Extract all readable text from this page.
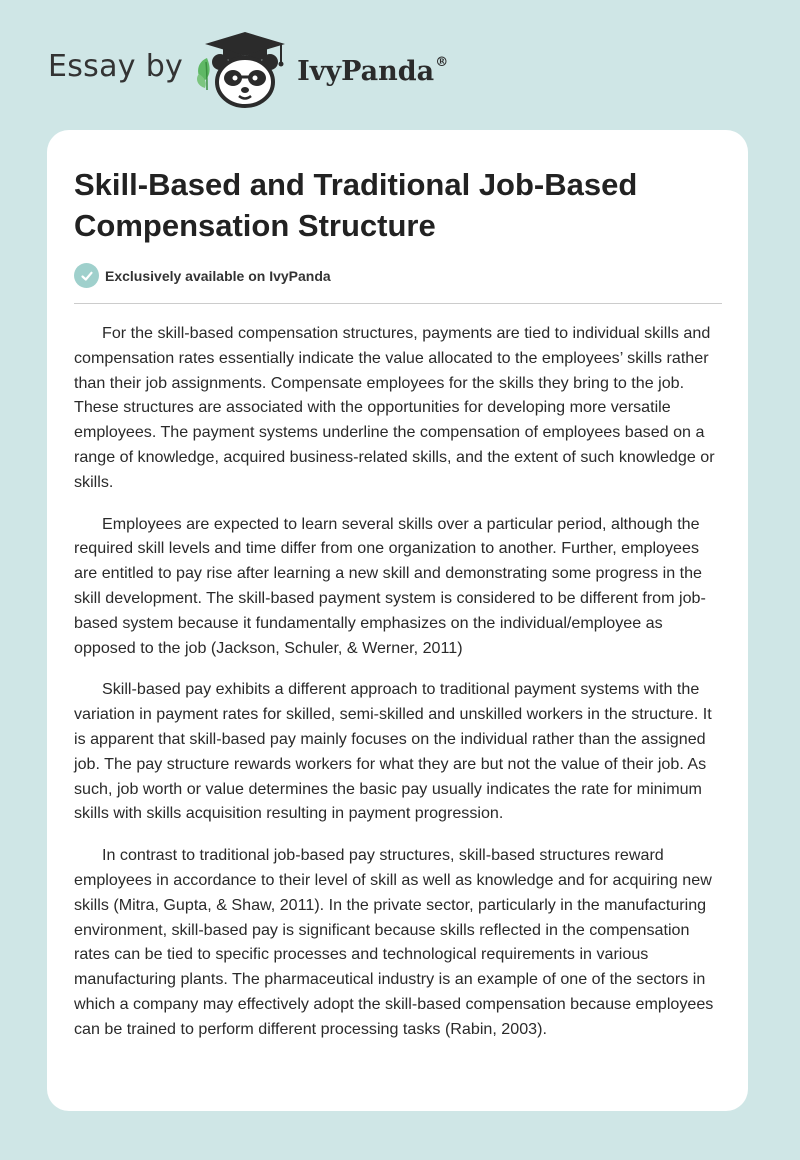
Essay by	IvyPanda®
Skill-Based and Traditional Job-Based Compensation Structure
Exclusively available on IvyPanda

For the skill-based compensation structures, payments are tied to individual skills and compensation rates essentially indicate the value allocated to the employees’ skills rather than their job assignments. Compensate employees for the skills they bring to the job. These structures are associated with the opportunities for developing more versatile employees. The payment systems underline the compensation of employees based on a range of knowledge, acquired business-related skills, and the extent of such knowledge or skills.

Employees are expected to learn several skills over a particular period, although the required skill levels and time differ from one organization to another. Further, employees are entitled to pay rise after learning a new skill and demonstrating some progress in the skill development. The skill-based payment system is considered to be different from job-based system because it fundamentally emphasizes on the individual/employee as opposed to the job (Jackson, Schuler, & Werner, 2011)

Skill-based pay exhibits a different approach to traditional payment systems with the variation in payment rates for skilled, semi-skilled and unskilled workers in the structure. It is apparent that skill-based pay mainly focuses on the individual rather than the assigned job. The pay structure rewards workers for what they are but not the value of their job. As such, job worth or value determines the basic pay usually indicates the rate for minimum skills with skills acquisition resulting in payment progression.

In contrast to traditional job-based pay structures, skill-based structures reward employees in accordance to their level of skill as well as knowledge and for acquiring new skills (Mitra, Gupta, & Shaw, 2011). In the private sector, particularly in the manufacturing environment, skill-based pay is significant because skills reflected in the compensation rates can be tied to specific processes and technological requirements in various manufacturing plants. The pharmaceutical industry is an example of one of the sectors in which a company may effectively adopt the skill-based compensation because employees can be trained to perform different processing tasks (Rabin, 2003).
